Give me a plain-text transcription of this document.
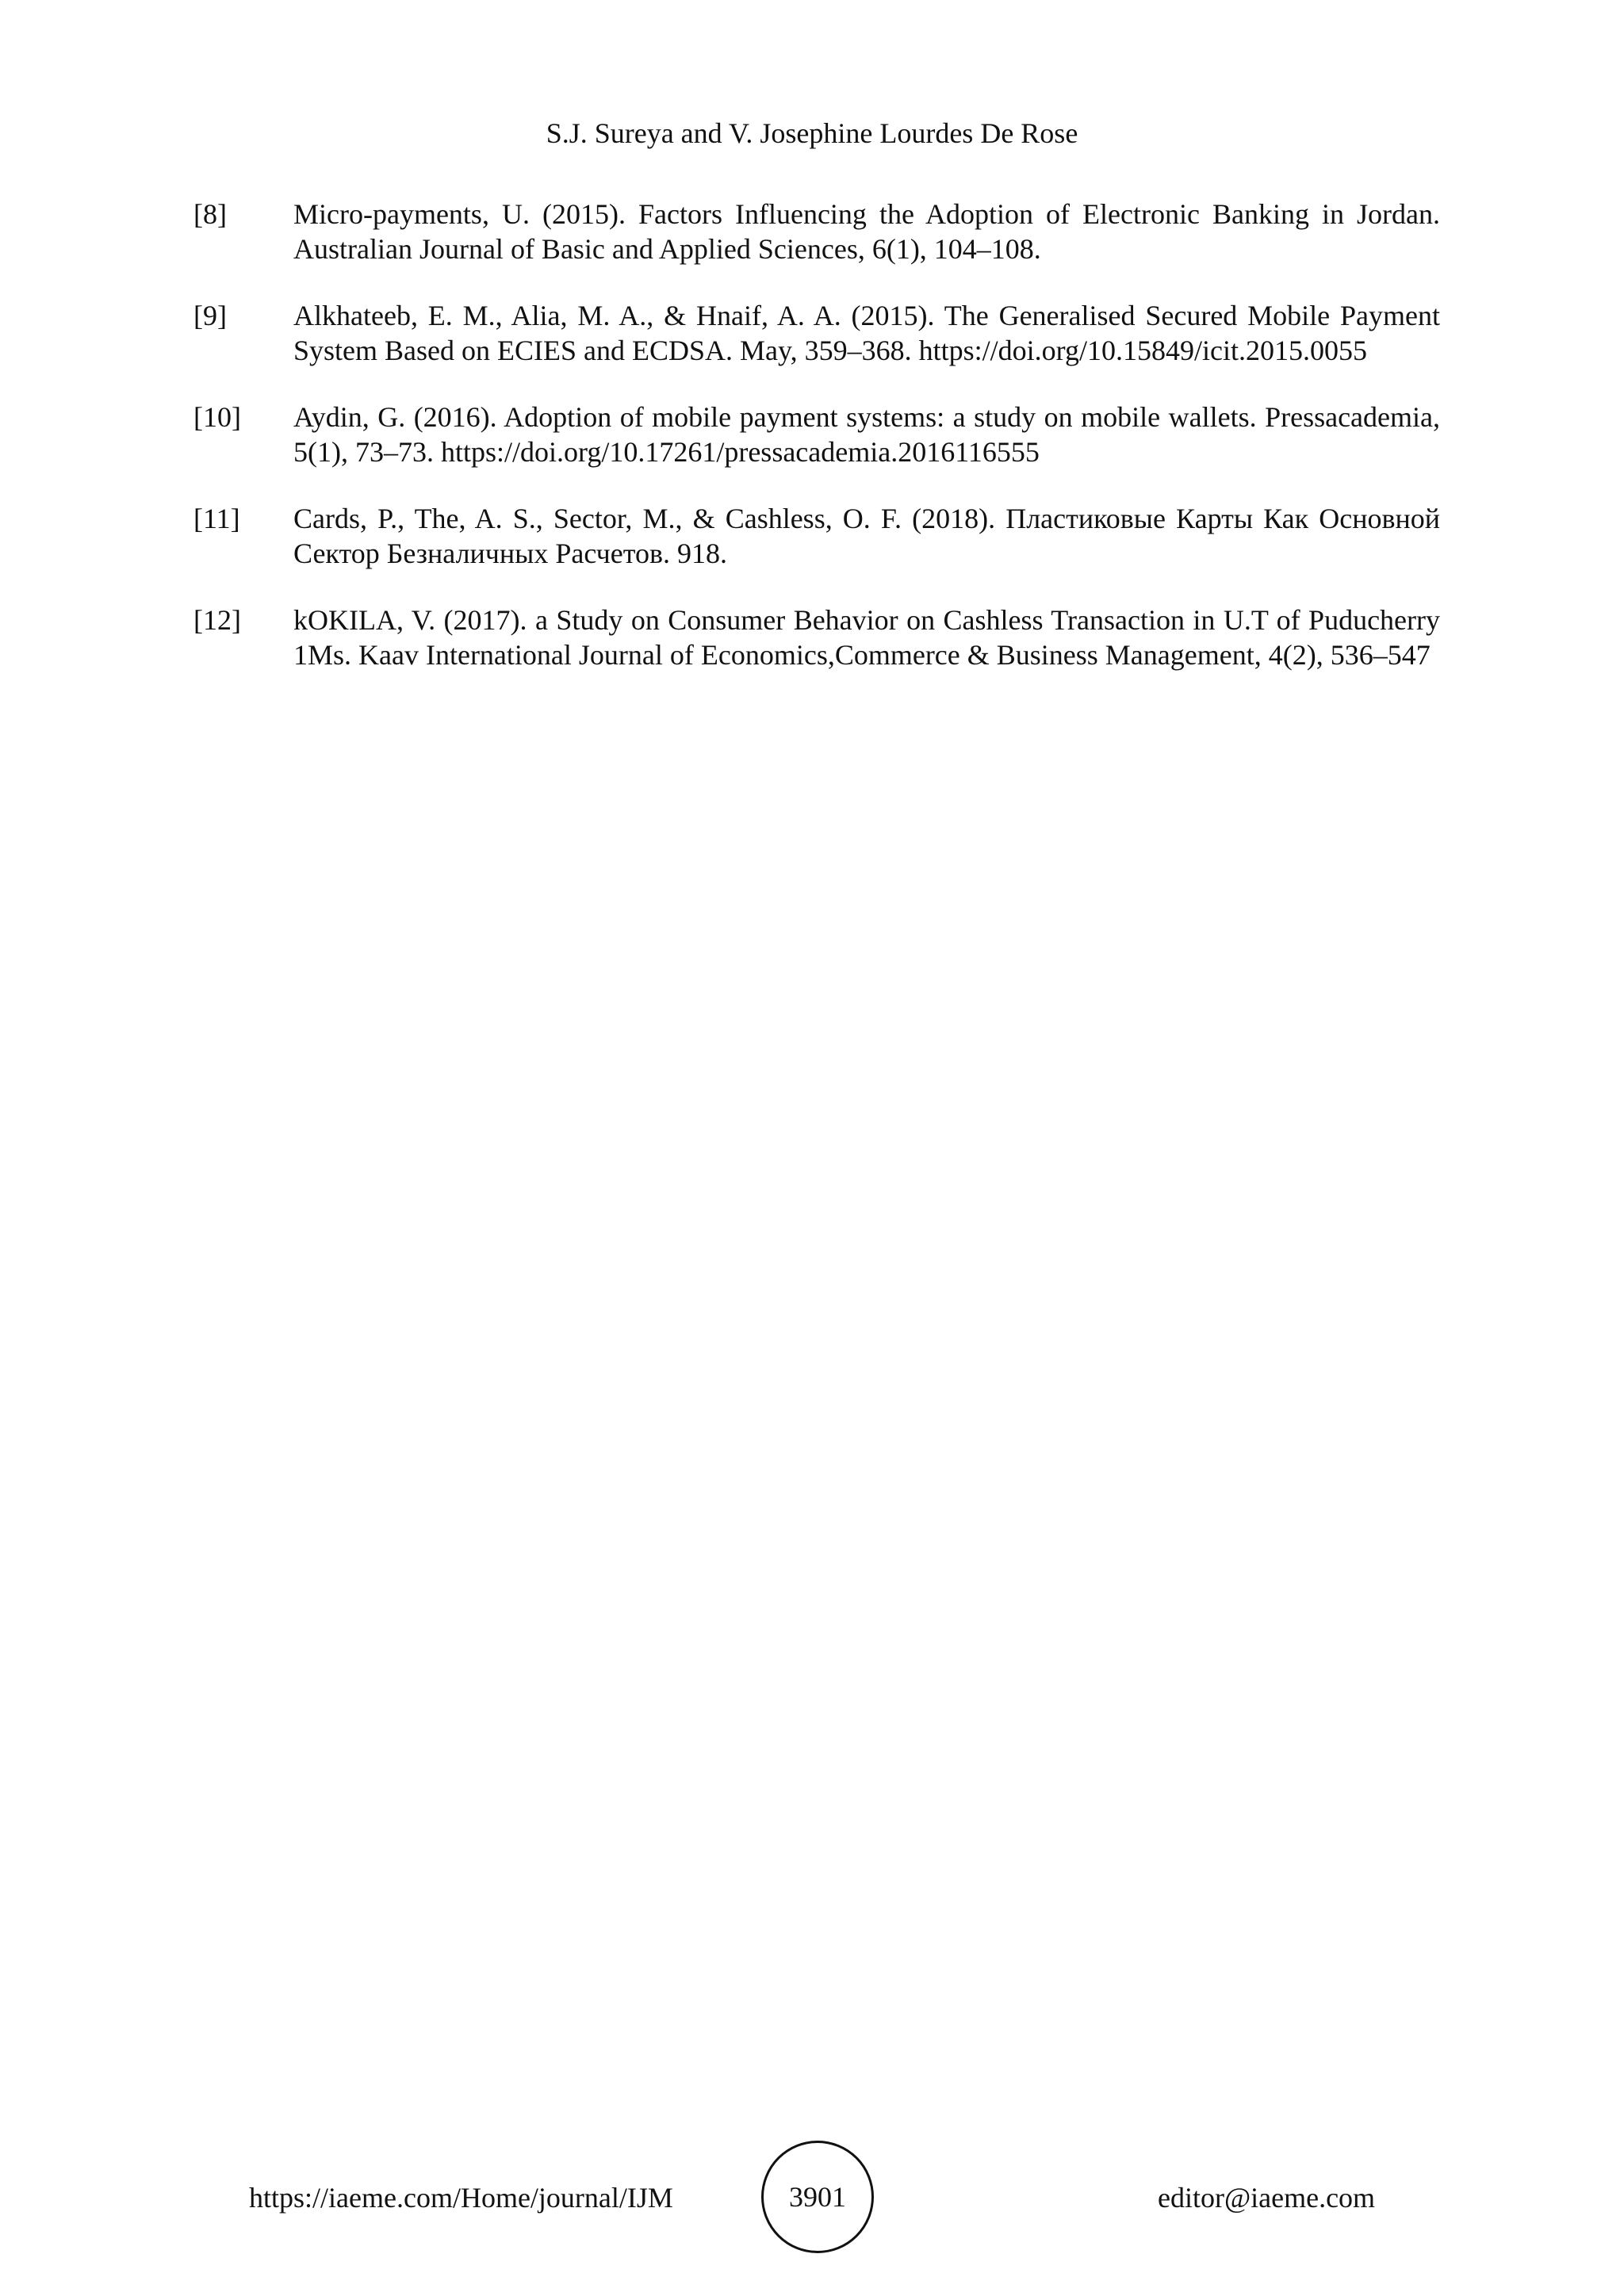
S.J. Sureya and V. Josephine Lourdes De Rose
[8]	Micro-payments, U. (2015). Factors Influencing the Adoption of Electronic Banking in Jordan. Australian Journal of Basic and Applied Sciences, 6(1), 104–108.

[9]	Alkhateeb, E. M., Alia, M. A., & Hnaif, A. A. (2015). The Generalised Secured Mobile Payment System Based on ECIES and ECDSA. May, 359–368. https://doi.org/10.15849/icit.2015.0055

[10]	Aydin, G. (2016). Adoption of mobile payment systems: a study on mobile wallets. Pressacademia, 5(1), 73–73. https://doi.org/10.17261/pressacademia.2016116555

[11]	Cards, P., The, A. S., Sector, M., & Cashless, O. F. (2018). Пластиковые Карты Как Основной Сектор Безналичных Расчетов. 918.

[12]	kOKILA, V. (2017). a Study on Consumer Behavior on Cashless Transaction in U.T of Puducherry 1Ms. Kaav International Journal of Economics,Commerce & Business Management, 4(2), 536–547

https://iaeme.com/Home/journal/IJM	3901	editor@iaeme.com
